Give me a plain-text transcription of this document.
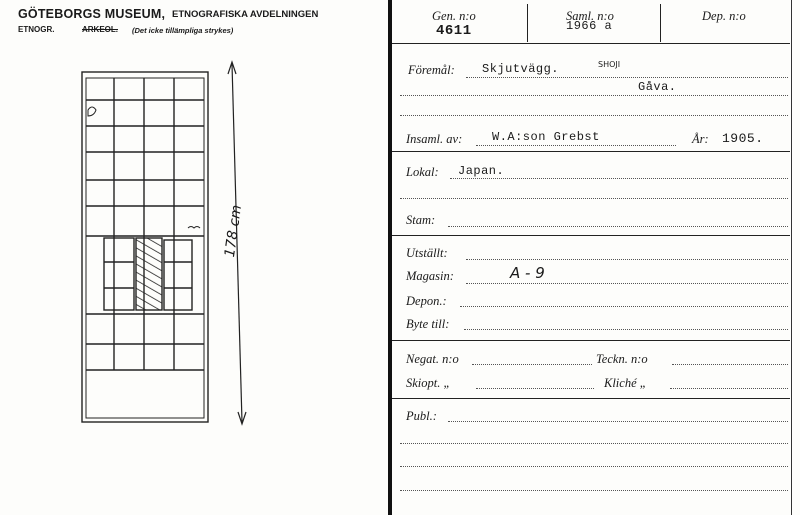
GÖTEBORGS MUSEUM, ETNOGRAFISKA AVDELNINGEN
ETNOGR.	ARKEOL. (Det icke tillämpliga strykes)
178 cm
Gen. n:o
4611
Saml. n:o
1966 a
Dep. n:o
Föremål: Skjutvägg.	SHOJI
Gåva.
Insaml. av: W.A:son Grebst	År: 1905.
Lokal: Japan.
Stam:
Utställt:
Magasin:	A - 9
Depon.:
Byte till:
Negat. n:o	Teckn. n:o
Skiopt. „	Kliché „
Publ.:
